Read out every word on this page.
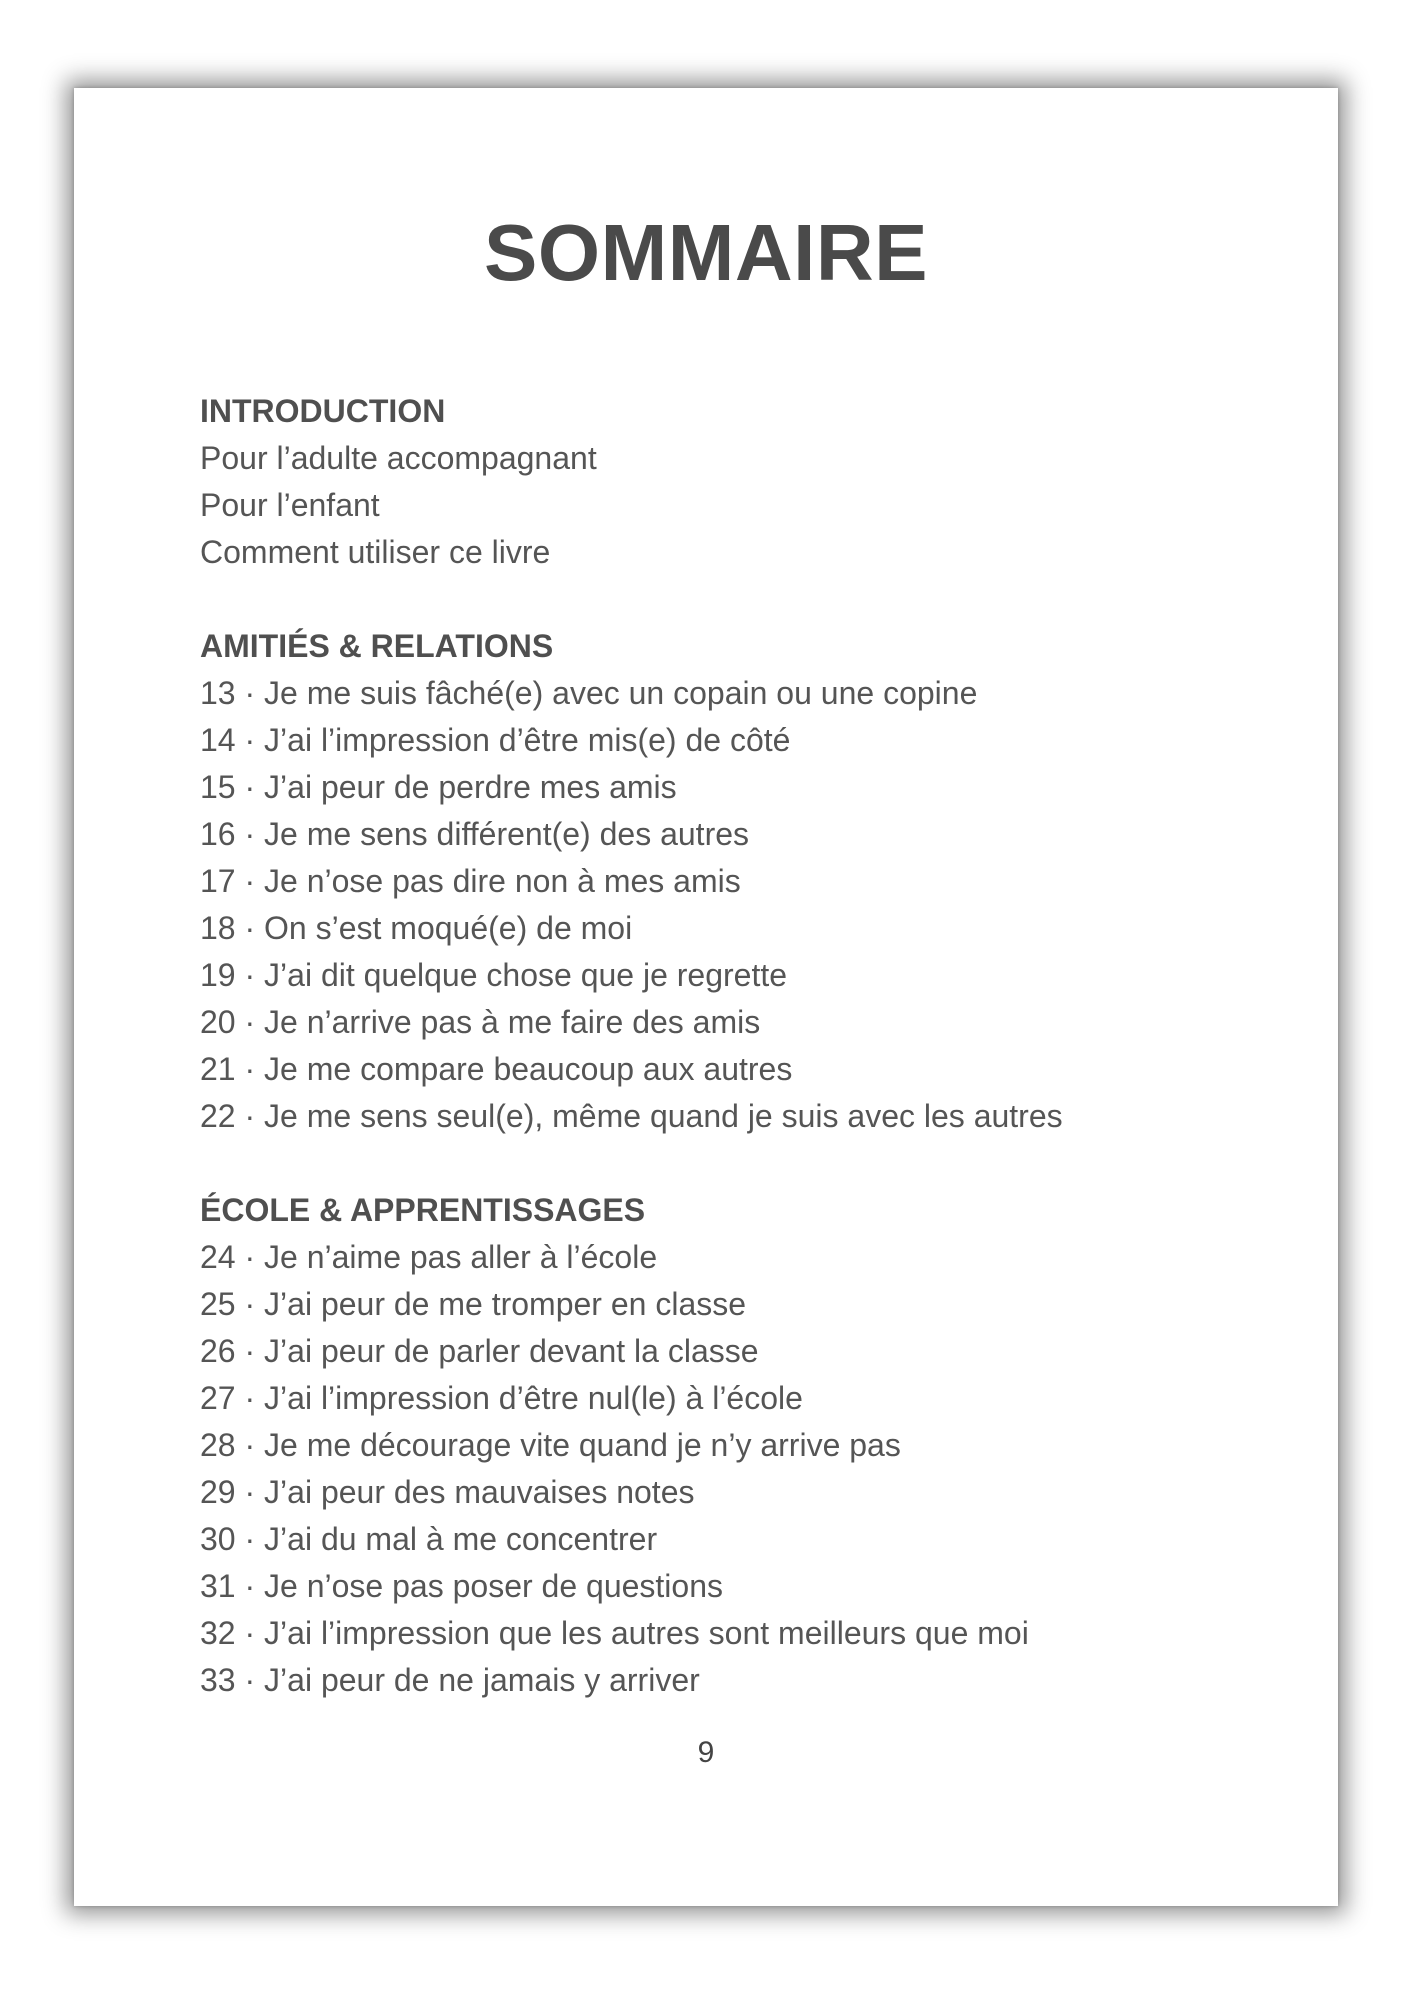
SOMMAIRE
INTRODUCTION
Pour l’adulte accompagnant
Pour l’enfant
Comment utiliser ce livre
AMITIÉS & RELATIONS
13 · Je me suis fâché(e) avec un copain ou une copine
14 · J’ai l’impression d’être mis(e) de côté
15 · J’ai peur de perdre mes amis
16 · Je me sens différent(e) des autres
17 · Je n’ose pas dire non à mes amis
18 · On s’est moqué(e) de moi
19 · J’ai dit quelque chose que je regrette
20 · Je n’arrive pas à me faire des amis
21 · Je me compare beaucoup aux autres
22 · Je me sens seul(e), même quand je suis avec les autres
ÉCOLE & APPRENTISSAGES
24 · Je n’aime pas aller à l’école
25 · J’ai peur de me tromper en classe
26 · J’ai peur de parler devant la classe
27 · J’ai l’impression d’être nul(le) à l’école
28 · Je me décourage vite quand je n’y arrive pas
29 · J’ai peur des mauvaises notes
30 · J’ai du mal à me concentrer
31 · Je n’ose pas poser de questions
32 · J’ai l’impression que les autres sont meilleurs que moi
33 · J’ai peur de ne jamais y arriver
9
